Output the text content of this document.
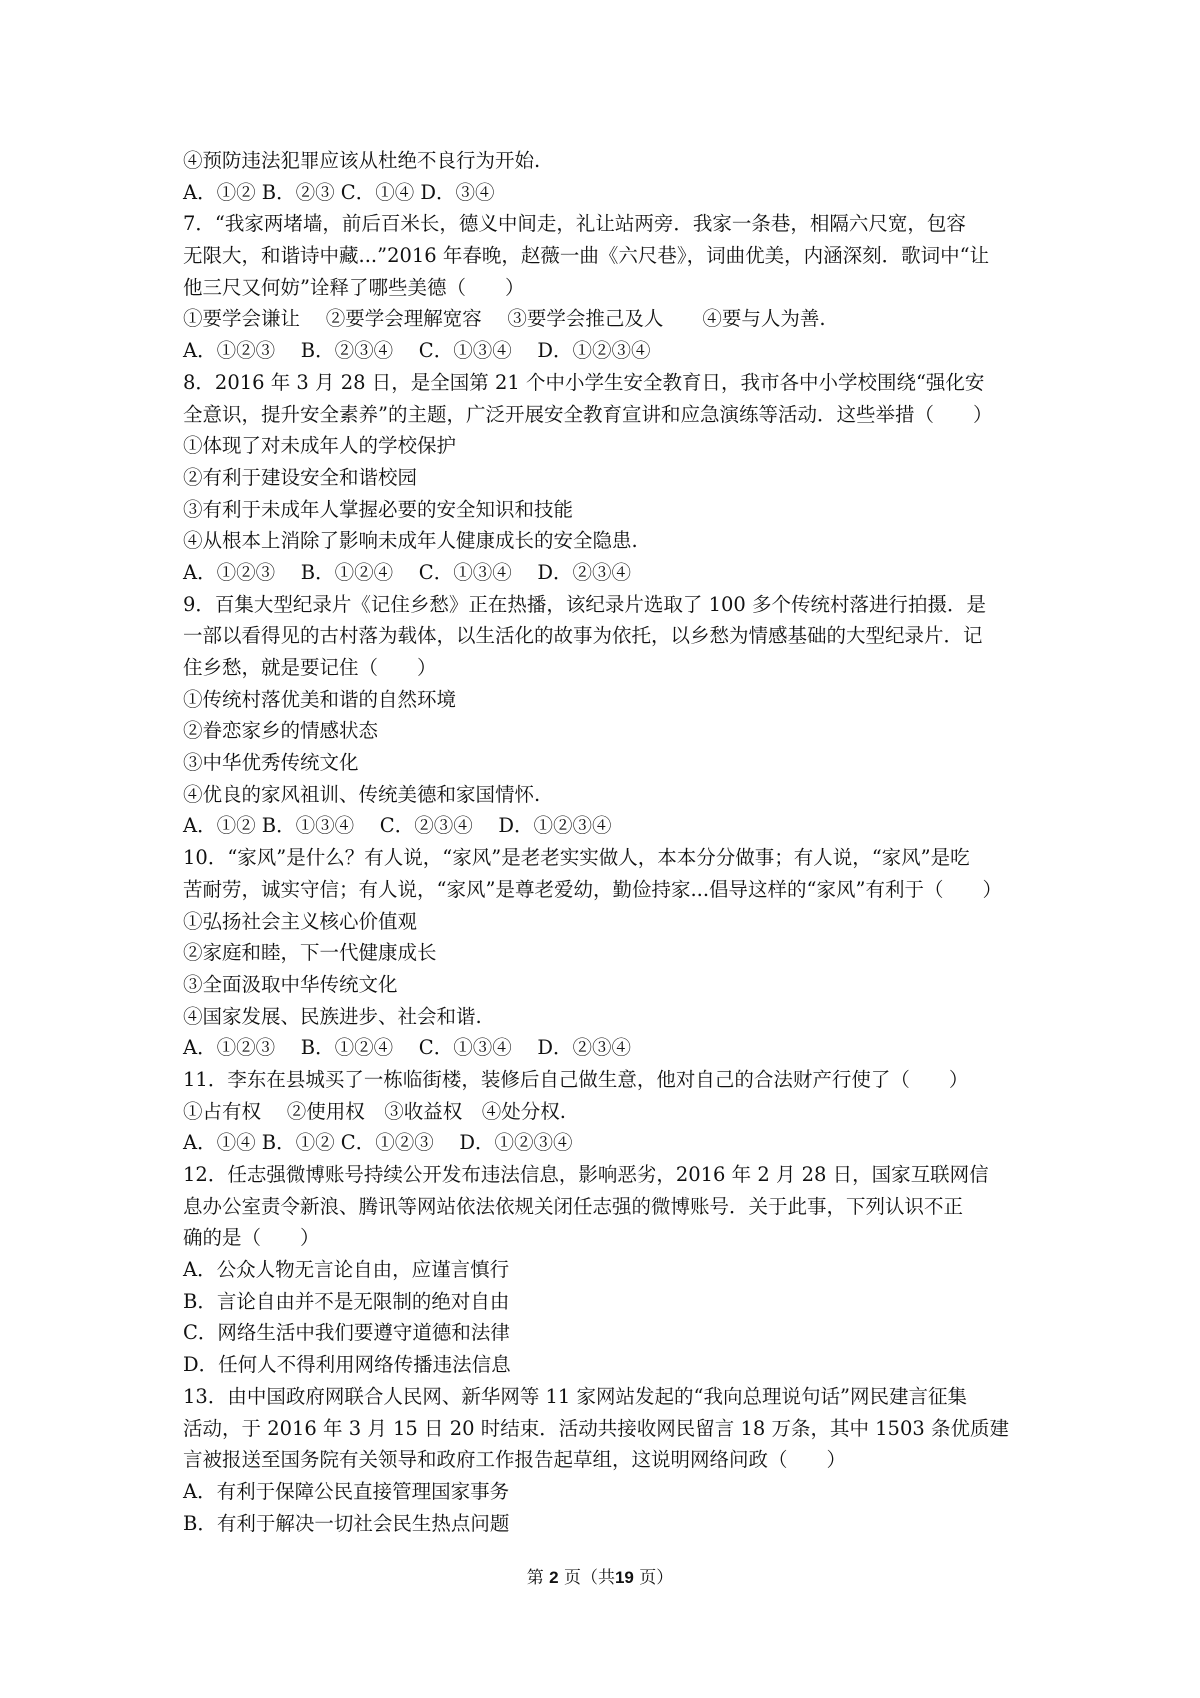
④预防违法犯罪应该从杜绝不良行为开始.
A．①② B．②③ C．①④ D．③④
7．“我家两堵墙，前后百米长，德义中间走，礼让站两旁．我家一条巷，相隔六尺宽，包容
无限大，和谐诗中藏...”2016 年春晚，赵薇一曲《六尺巷》，词曲优美，内涵深刻．歌词中“让
他三尺又何妨”诠释了哪些美德（　　）
①要学会谦让　 ②要学会理解宽容　 ③要学会推己及人　　④要与人为善.
A．①②③　 B．②③④　 C．①③④　 D．①②③④
8．2016 年 3 月 28 日，是全国第 21 个中小学生安全教育日，我市各中小学校围绕“强化安
全意识，提升安全素养”的主题，广泛开展安全教育宣讲和应急演练等活动．这些举措（　　）
①体现了对未成年人的学校保护
②有利于建设安全和谐校园
③有利于未成年人掌握必要的安全知识和技能
④从根本上消除了影响未成年人健康成长的安全隐患.
A．①②③　 B．①②④　 C．①③④　 D．②③④
9．百集大型纪录片《记住乡愁》正在热播，该纪录片选取了 100 多个传统村落进行拍摄．是
一部以看得见的古村落为载体，以生活化的故事为依托，以乡愁为情感基础的大型纪录片．记
住乡愁，就是要记住（　　）
①传统村落优美和谐的自然环境
②眷恋家乡的情感状态
③中华优秀传统文化
④优良的家风祖训、传统美德和家国情怀.
A．①② B．①③④　 C．②③④　 D．①②③④
10．“家风”是什么？有人说，“家风”是老老实实做人，本本分分做事；有人说，“家风”是吃
苦耐劳，诚实守信；有人说，“家风”是尊老爱幼，勤俭持家...倡导这样的“家风”有利于（　　）
①弘扬社会主义核心价值观
②家庭和睦，下一代健康成长
③全面汲取中华传统文化
④国家发展、民族进步、社会和谐.
A．①②③　 B．①②④　 C．①③④　 D．②③④
11．李东在县城买了一栋临街楼，装修后自己做生意，他对自己的合法财产行使了（　　）
①占有权　 ②使用权　③收益权　④处分权.
A．①④ B．①② C．①②③　 D．①②③④
12．任志强微博账号持续公开发布违法信息，影响恶劣，2016 年 2 月 28 日，国家互联网信
息办公室责令新浪、腾讯等网站依法依规关闭任志强的微博账号．关于此事，下列认识不正
确的是（　　）
A．公众人物无言论自由，应谨言慎行
B．言论自由并不是无限制的绝对自由
C．网络生活中我们要遵守道德和法律
D．任何人不得利用网络传播违法信息
13．由中国政府网联合人民网、新华网等 11 家网站发起的“我向总理说句话”网民建言征集
活动，于 2016 年 3 月 15 日 20 时结束．活动共接收网民留言 18 万条，其中 1503 条优质建
言被报送至国务院有关领导和政府工作报告起草组，这说明网络问政（　　）
A．有利于保障公民直接管理国家事务
B．有利于解决一切社会民生热点问题
第 2 页（共19 页）
